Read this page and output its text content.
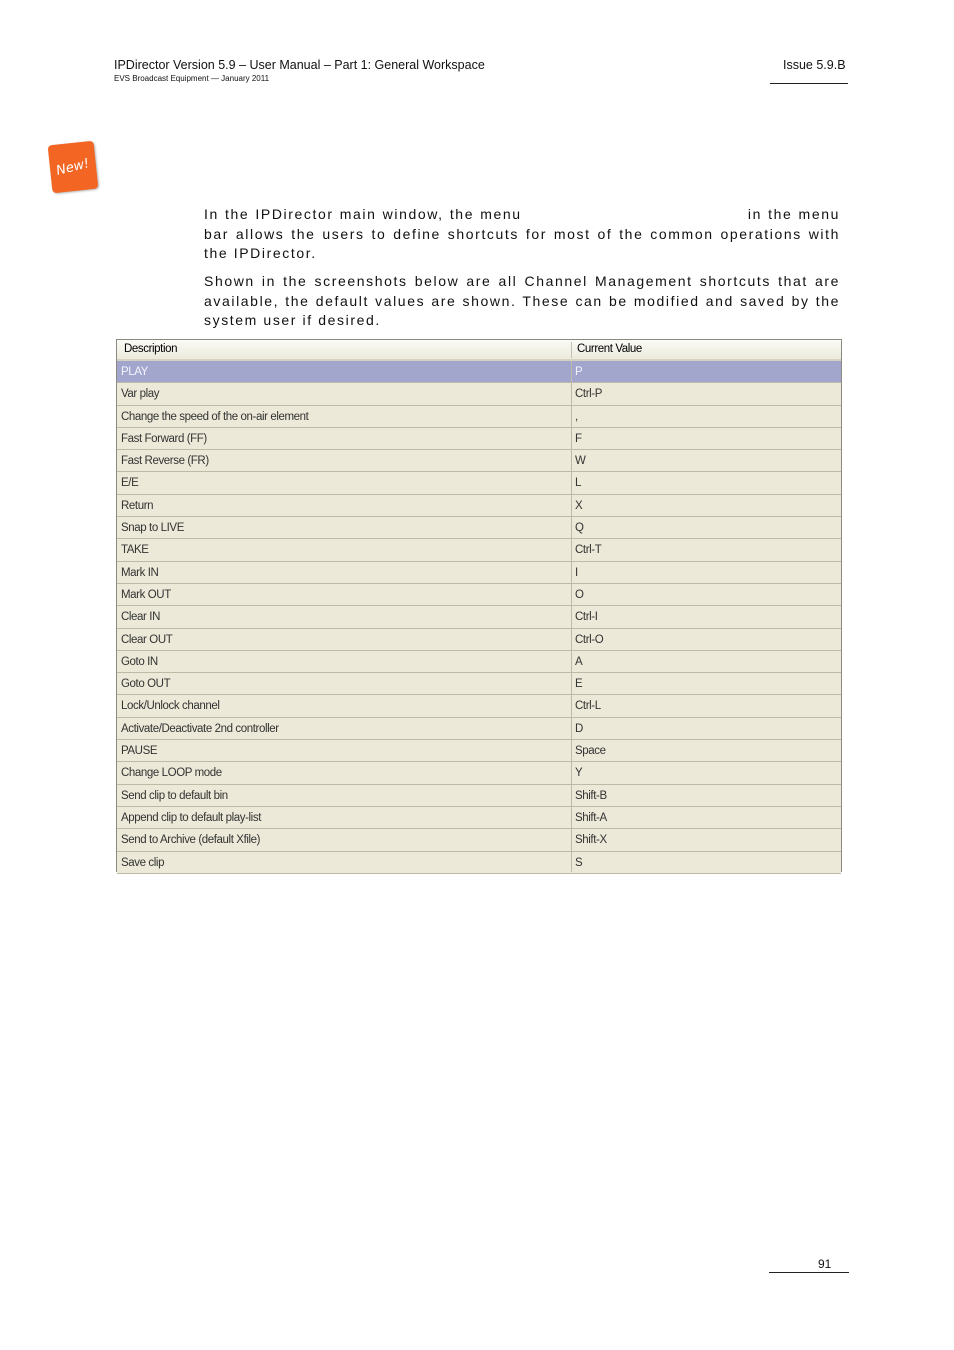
IPDirector Version 5.9 – User Manual – Part 1: General Workspace
EVS Broadcast Equipment — January 2011
Issue 5.9.B
New!
In the IPDirector main window, the menu	in the menu bar allows the users to define shortcuts for most of the common operations with the IPDirector.
Shown in the screenshots below are all Channel Management shortcuts that are available, the default values are shown. These can be modified and saved by the system user if desired.
Description	Current Value
PLAY	P
Var play	Ctrl-P
Change the speed of the on-air element	,
Fast Forward (FF)	F
Fast Reverse (FR)	W
E/E	L
Return	X
Snap to LIVE	Q
TAKE	Ctrl-T
Mark IN	I
Mark OUT	O
Clear IN	Ctrl-I
Clear OUT	Ctrl-O
Goto IN	A
Goto OUT	E
Lock/Unlock channel	Ctrl-L
Activate/Deactivate 2nd controller	D
PAUSE	Space
Change LOOP mode	Y
Send clip to default bin	Shift-B
Append clip to default play-list	Shift-A
Send to Archive (default Xfile)	Shift-X
Save clip	S
91
